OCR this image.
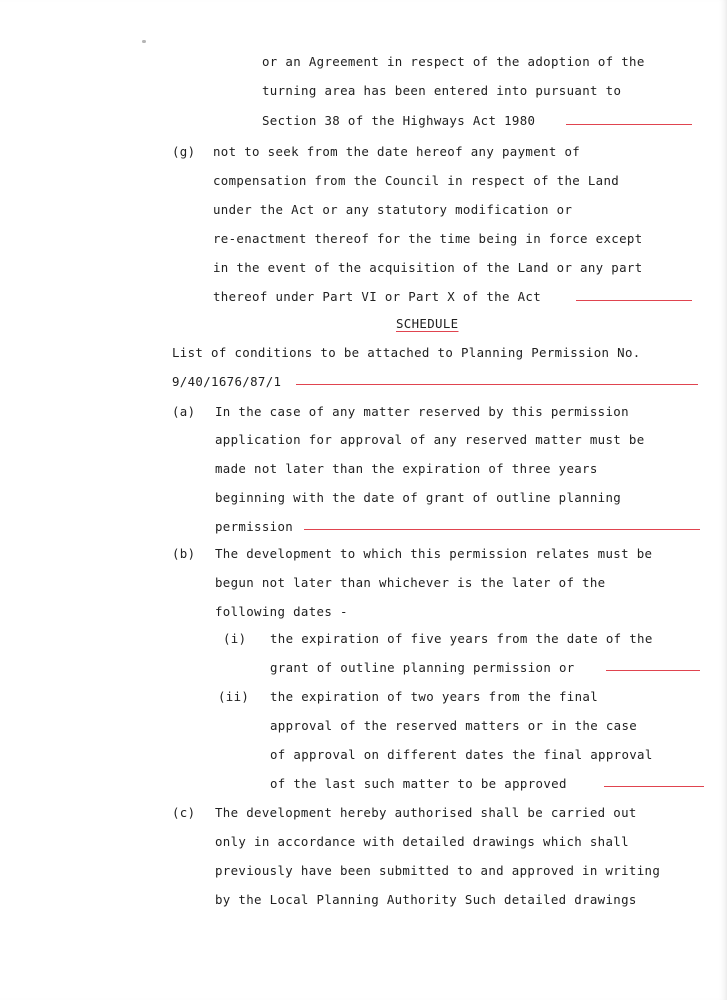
or an Agreement in respect of the adoption of the
turning area has been entered into pursuant to
Section 38 of the Highways Act 1980
(g) not to seek from the date hereof any payment of
compensation from the Council in respect of the Land
under the Act or any statutory modification or
re-enactment thereof for the time being in force except
in the event of the acquisition of the Land or any part
thereof under Part VI or Part X of the Act
SCHEDULE
List of conditions to be attached to Planning Permission No.
9/40/1676/87/1
(a) In the case of any matter reserved by this permission
application for approval of any reserved matter must be
made not later than the expiration of three years
beginning with the date of grant of outline planning
permission
(b) The development to which this permission relates must be
begun not later than whichever is the later of the
following dates -
(i) the expiration of five years from the date of the
grant of outline planning permission or
(ii) the expiration of two years from the final
approval of the reserved matters or in the case
of approval on different dates the final approval
of the last such matter to be approved
(c) The development hereby authorised shall be carried out
only in accordance with detailed drawings which shall
previously have been submitted to and approved in writing
by the Local Planning Authority Such detailed drawings
